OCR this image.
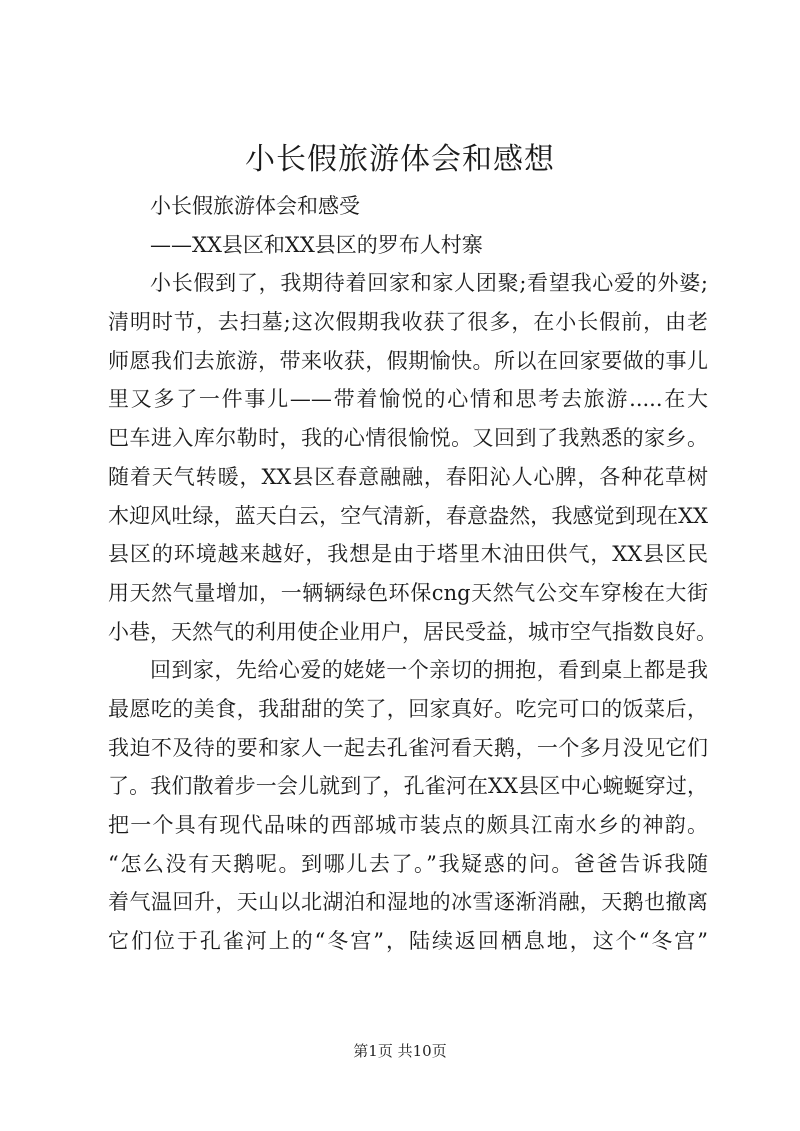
小长假旅游体会和感想
小长假旅游体会和感受
——XX县区和XX县区的罗布人村寨
小长假到了，我期待着回家和家人团聚;看望我心爱的外婆;
清明时节，去扫墓;这次假期我收获了很多，在小长假前，由老
师愿我们去旅游，带来收获，假期愉快。所以在回家要做的事儿
里又多了一件事儿——带着愉悦的心情和思考去旅游.....在大
巴车进入库尔勒时，我的心情很愉悦。又回到了我熟悉的家乡。
随着天气转暖，XX县区春意融融，春阳沁人心脾，各种花草树
木迎风吐绿，蓝天白云，空气清新，春意盎然，我感觉到现在XX
县区的环境越来越好，我想是由于塔里木油田供气，XX县区民
用天然气量增加，一辆辆绿色环保cng天然气公交车穿梭在大街
小巷，天然气的利用使企业用户，居民受益，城市空气指数良好。
回到家，先给心爱的姥姥一个亲切的拥抱，看到桌上都是我
最愿吃的美食，我甜甜的笑了，回家真好。吃完可口的饭菜后，
我迫不及待的要和家人一起去孔雀河看天鹅，一个多月没见它们
了。我们散着步一会儿就到了，孔雀河在XX县区中心蜿蜒穿过，
把一个具有现代品味的西部城市装点的颇具江南水乡的神韵。
“怎么没有天鹅呢。到哪儿去了。”我疑惑的问。爸爸告诉我随
着气温回升，天山以北湖泊和湿地的冰雪逐渐消融，天鹅也撤离
它们位于孔雀河上的“冬宫”，陆续返回栖息地，这个“冬宫”
第1页 共10页
